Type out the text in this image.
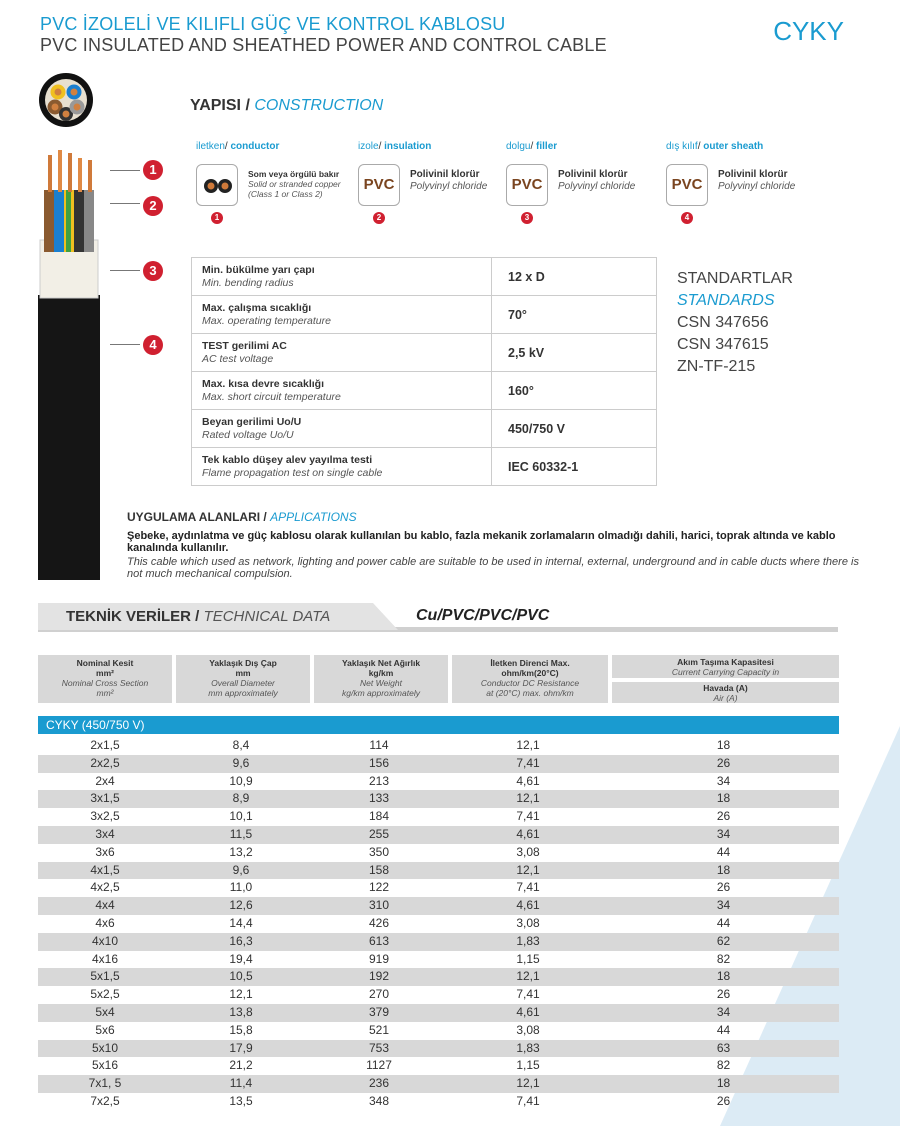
PVC İZOLELİ VE KILIFLI GÜÇ VE KONTROL KABLOSU
PVC INSULATED AND SHEATHED POWER AND CONTROL CABLE	CYKY
1
2
3
4
YAPISI / CONSTRUCTION
iletken/ conductor
1
Som veya örgülü bakır
Solid or stranded copper
(Class 1 or Class 2)
izole/ insulation
PVC
2
Polivinil klorür
Polyvinyl chloride
dolgu/ filler
PVC
3
Polivinil klorür
Polyvinyl chloride
dış kılıf/ outer sheath
PVC
4
Polivinil klorür
Polyvinyl chloride
Min. bükülme yarı çapı
Min. bending radius	12 x D

Max. çalışma sıcaklığı
Max. operating temperature	70°

TEST gerilimi AC
AC test voltage	2,5 kV

Max. kısa devre sıcaklığı
Max. short circuit temperature	160°

Beyan gerilimi Uo/U
Rated voltage Uo/U	450/750 V

Tek kablo düşey alev yayılma testi
Flame propagation test on single cable	IEC 60332-1
STANDARTLAR
STANDARDS
CSN 347656
CSN 347615
ZN-TF-215
UYGULAMA ALANLARI / APPLICATIONS
Şebeke, aydınlatma ve güç kablosu olarak kullanılan bu kablo, fazla mekanik zorlamaların olmadığı dahili, harici, toprak altında ve kablo kanalında kullanılır.
This cable which used as network, lighting and power cable are suitable to be used in internal, external, underground and in cable ducts where there is not much mechanical compulsion.
TEKNİK VERİLER / TECHNICAL DATA	Cu/PVC/PVC/PVC
Nominal Kesit
mm²
Nominal Cross Section
mm²
Yaklaşık Dış Çap
mm
Overall Diameter
mm approximately
Yaklaşık Net Ağırlık
kg/km
Net Weight
kg/km approximately
İletken Direnci Max.
ohm/km(20°C)
Conductor DC Resistance
at (20°C) max. ohm/km
Akım Taşıma Kapasitesi
Current Carrying Capacity in
Havada (A)
Air (A)
CYKY (450/750 V)
2x1,5	8,4	114	12,1	18
2x2,5	9,6	156	7,41	26
2x4	10,9	213	4,61	34
3x1,5	8,9	133	12,1	18
3x2,5	10,1	184	7,41	26
3x4	11,5	255	4,61	34
3x6	13,2	350	3,08	44
4x1,5	9,6	158	12,1	18
4x2,5	11,0	122	7,41	26
4x4	12,6	310	4,61	34
4x6	14,4	426	3,08	44
4x10	16,3	613	1,83	62
4x16	19,4	919	1,15	82
5x1,5	10,5	192	12,1	18
5x2,5	12,1	270	7,41	26
5x4	13,8	379	4,61	34
5x6	15,8	521	3,08	44
5x10	17,9	753	1,83	63
5x16	21,2	1127	1,15	82
7x1, 5	11,4	236	12,1	18
7x2,5	13,5	348	7,41	26
